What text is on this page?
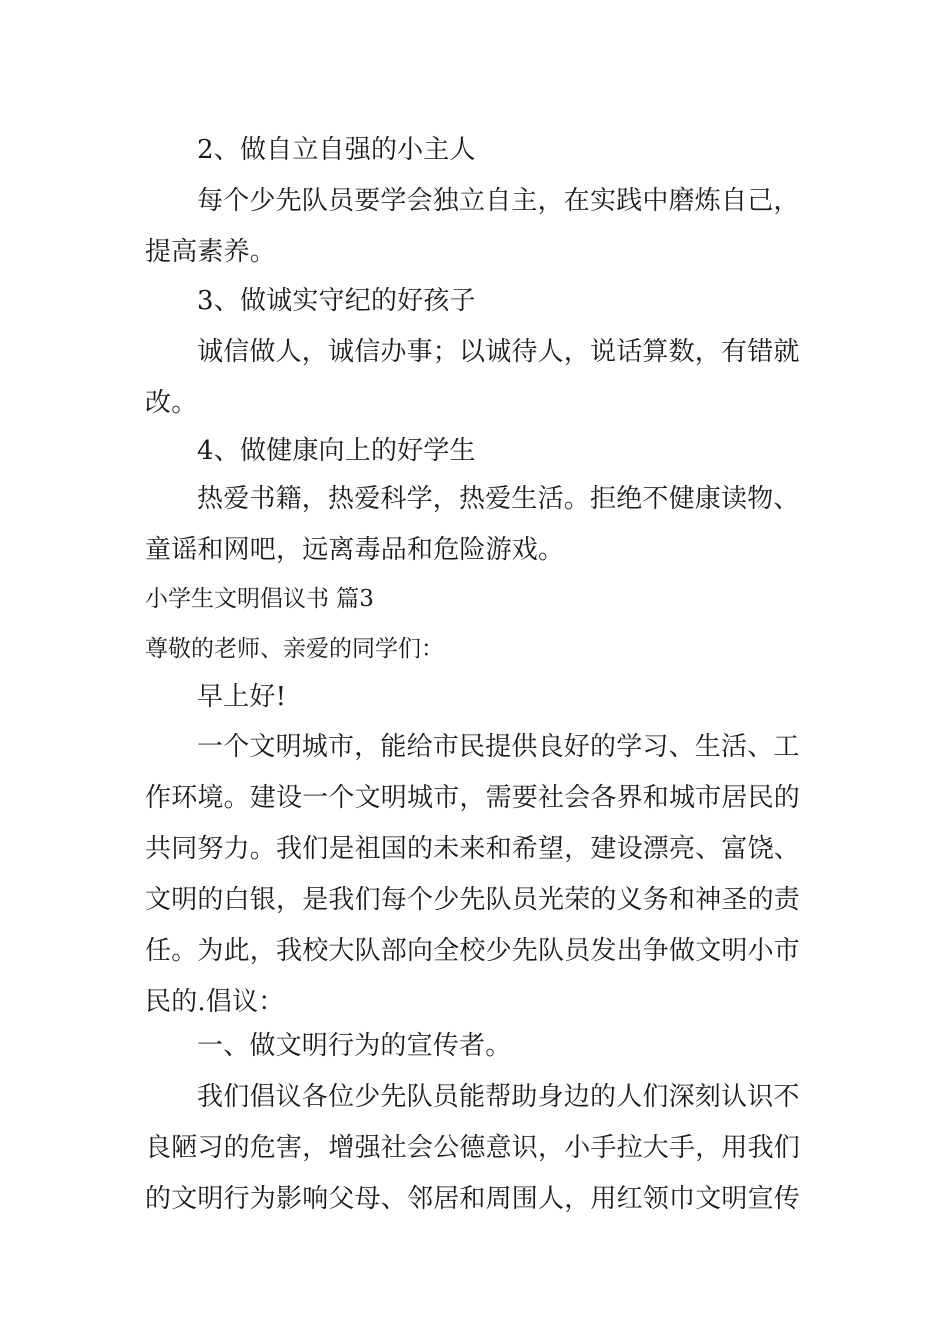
2、做自立自强的小主人

每个少先队员要学会独立自主，在实践中磨炼自己，提高素养。

3、做诚实守纪的好孩子

诚信做人，诚信办事；以诚待人，说话算数，有错就改。

4、做健康向上的好学生

热爱书籍，热爱科学，热爱生活。拒绝不健康读物、童谣和网吧，远离毒品和危险游戏。

小学生文明倡议书 篇3

尊敬的老师、亲爱的同学们：

早上好!

一个文明城市，能给市民提供良好的学习、生活、工作环境。建设一个文明城市，需要社会各界和城市居民的共同努力。我们是祖国的未来和希望，建设漂亮、富饶、文明的白银，是我们每个少先队员光荣的义务和神圣的责任。为此，我校大队部向全校少先队员发出争做文明小市民的.倡议：

一、做文明行为的宣传者。

我们倡议各位少先队员能帮助身边的人们深刻认识不良陋习的危害，增强社会公德意识，小手拉大手，用我们的文明行为影响父母、邻居和周围人，用红领巾文明宣传
